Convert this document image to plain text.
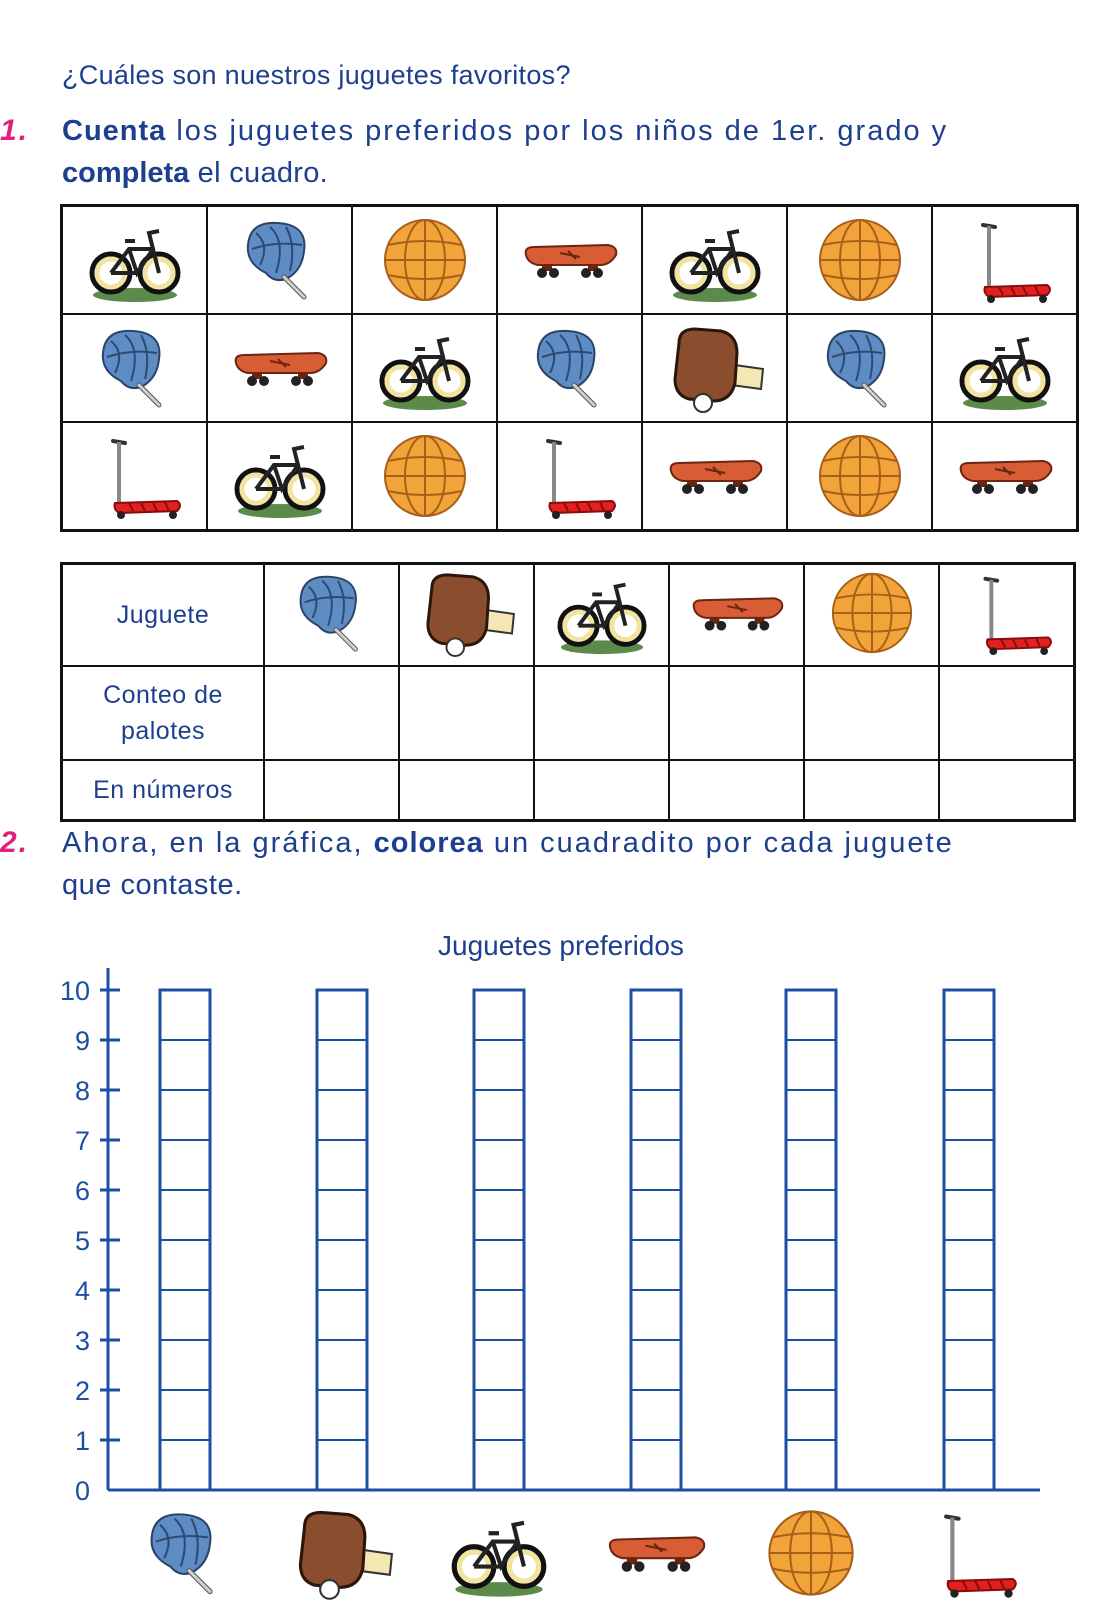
¿Cuáles son nuestros juguetes favoritos?
1.	Cuenta los juguetes preferidos por los niños de 1er. grado y
completa el cuadro.

Juguete						
Conteo de palotes						
En números						
2.	Ahora, en la gráfica, colorea un cuadradito por cada juguete
que contaste.
Juguetes preferidos
0
1
2
3
4
5
6
7
8
9
10
